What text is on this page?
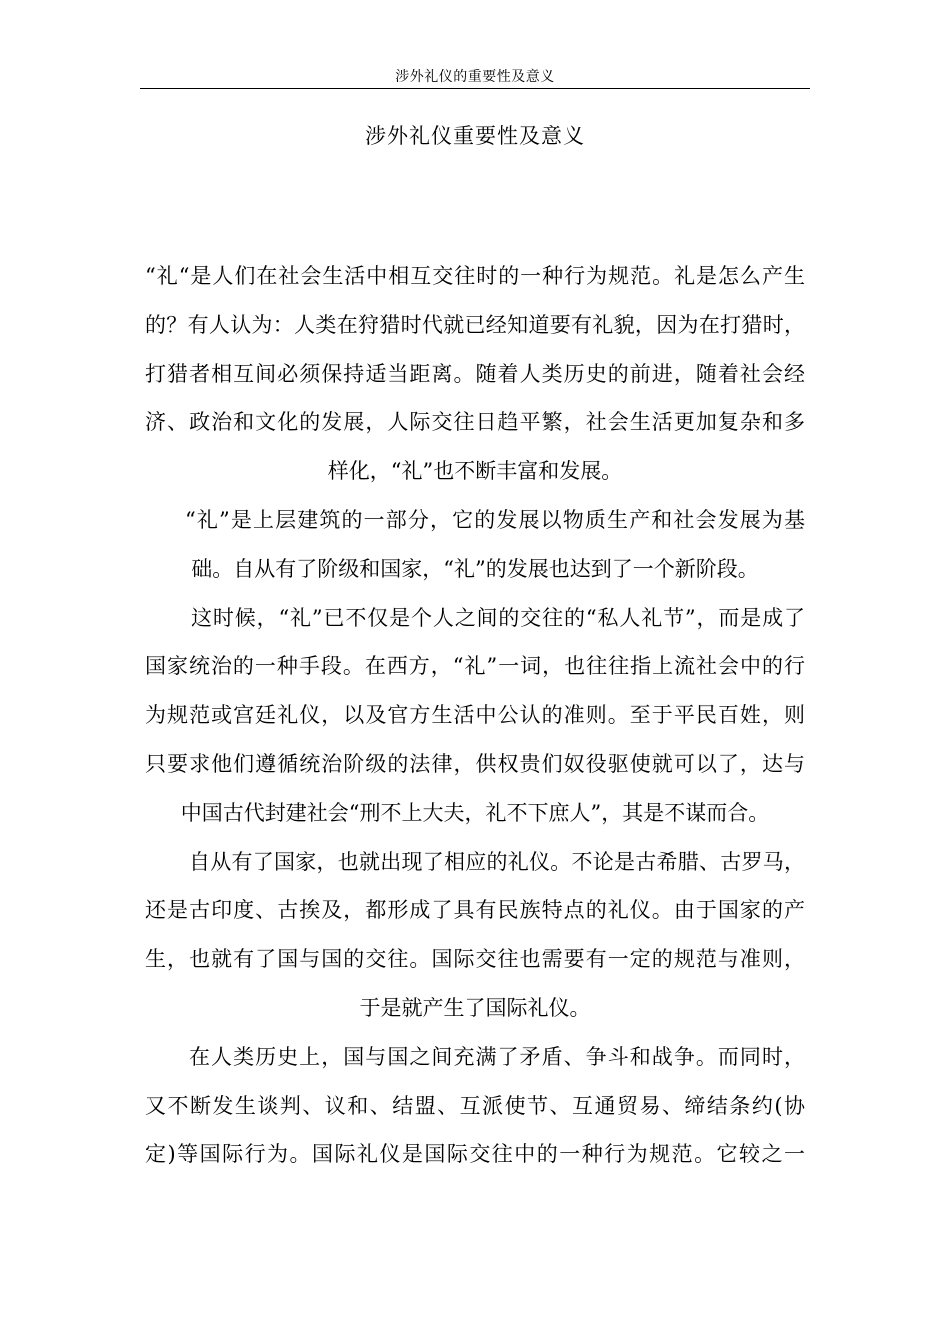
涉外礼仪的重要性及意义
涉外礼仪重要性及意义
“礼“是人们在社会生活中相互交往时的一种行为规范。礼是怎么产生
的？有人认为：人类在狩猎时代就已经知道要有礼貌，因为在打猎时，
打猎者相互间必须保持适当距离。随着人类历史的前进，随着社会经
济、政治和文化的发展，人际交往日趋平繁，社会生活更加复杂和多
样化，“礼”也不断丰富和发展。
“礼”是上层建筑的一部分，它的发展以物质生产和社会发展为基
础。自从有了阶级和国家，“礼”的发展也达到了一个新阶段。
这时候，“礼”已不仅是个人之间的交往的“私人礼节”，而是成了
国家统治的一种手段。在西方，“礼”一词，也往往指上流社会中的行
为规范或宫廷礼仪，以及官方生活中公认的准则。至于平民百姓，则
只要求他们遵循统治阶级的法律，供权贵们奴役驱使就可以了，达与
中国古代封建社会“刑不上大夫，礼不下庶人”，其是不谋而合。
自从有了国家，也就出现了相应的礼仪。不论是古希腊、古罗马，
还是古印度、古挨及，都形成了具有民族特点的礼仪。由于国家的产
生，也就有了国与国的交往。国际交往也需要有一定的规范与准则，
于是就产生了国际礼仪。
在人类历史上，国与国之间充满了矛盾、争斗和战争。而同时，
又不断发生谈判、议和、结盟、互派使节、互通贸易、缔结条约(协
定)等国际行为。国际礼仪是国际交往中的一种行为规范。它较之一
